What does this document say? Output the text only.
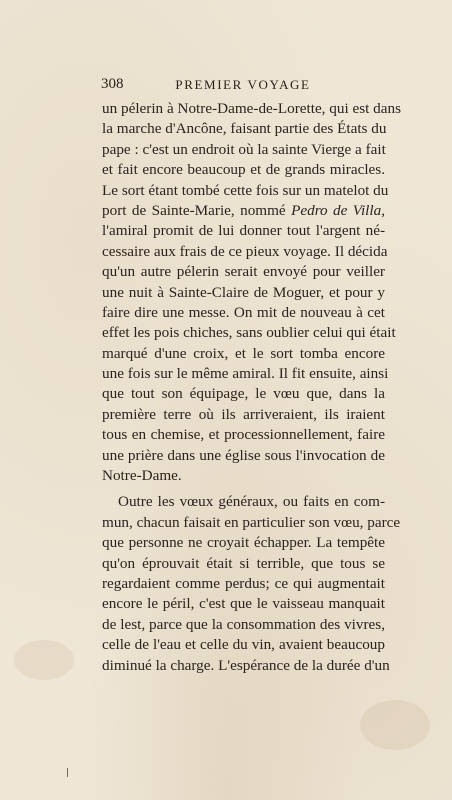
308	PREMIER VOYAGE
un pélerin à Notre-Dame-de-Lorette, qui est dans
la marche d'Ancône, faisant partie des États du
pape : c'est un endroit où la sainte Vierge a fait
et fait encore beaucoup et de grands miracles.
Le sort étant tombé cette fois sur un matelot du
port de Sainte-Marie, nommé Pedro de Villa,
l'amiral promit de lui donner tout l'argent né-
cessaire aux frais de ce pieux voyage. Il décida
qu'un autre pélerin serait envoyé pour veiller
une nuit à Sainte-Claire de Moguer, et pour y
faire dire une messe. On mit de nouveau à cet
effet les pois chiches, sans oublier celui qui était
marqué d'une croix, et le sort tomba encore
une fois sur le même amiral. Il fit ensuite, ainsi
que tout son équipage, le vœu que, dans la
première terre où ils arriveraient, ils iraient
tous en chemise, et processionnellement, faire
une prière dans une église sous l'invocation de
Notre-Dame.
Outre les vœux généraux, ou faits en com-
mun, chacun faisait en particulier son vœu, parce
que personne ne croyait échapper. La tempête
qu'on éprouvait était si terrible, que tous se
regardaient comme perdus; ce qui augmentait
encore le péril, c'est que le vaisseau manquait
de lest, parce que la consommation des vivres,
celle de l'eau et celle du vin, avaient beaucoup
diminué la charge. L'espérance de la durée d'un
